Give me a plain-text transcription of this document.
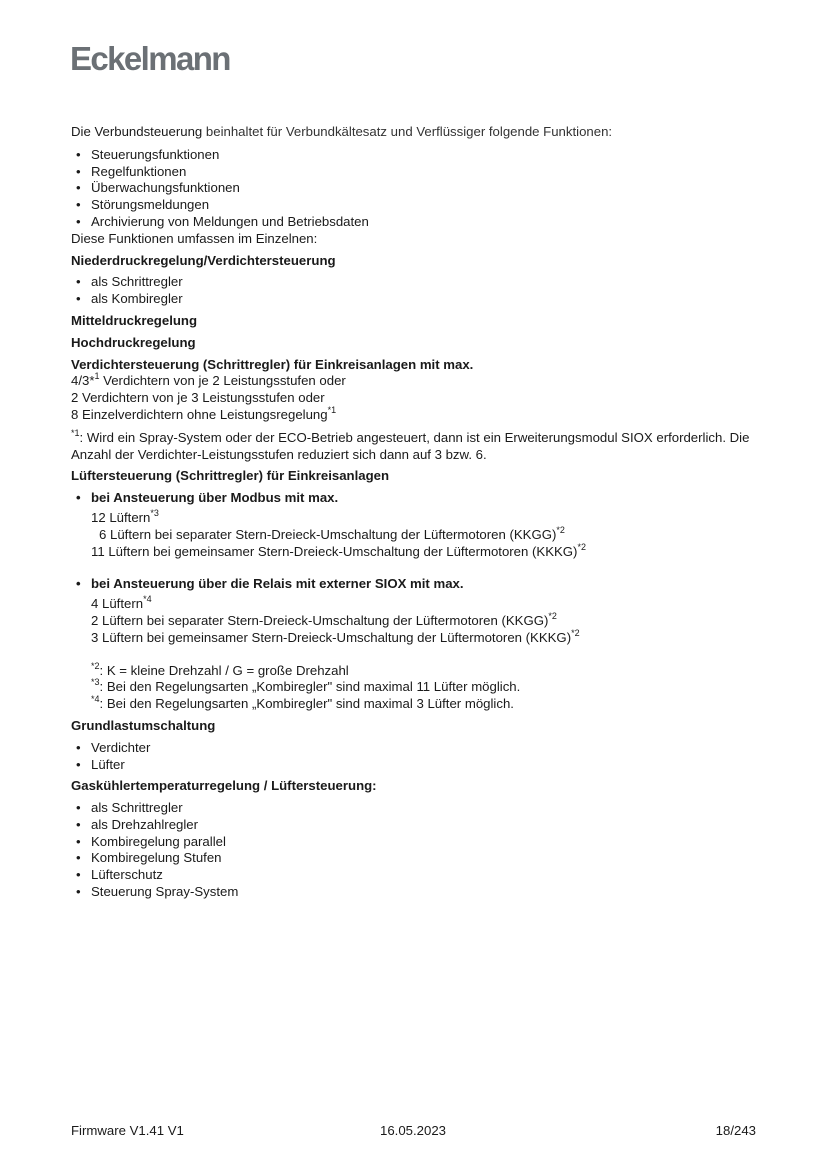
Eckelmann

Die Verbundsteuerung beinhaltet für Verbundkältesatz und Verflüssiger folgende Funktionen:

• Steuerungsfunktionen
• Regelfunktionen
• Überwachungsfunktionen
• Störungsmeldungen
• Archivierung von Meldungen und Betriebsdaten

Diese Funktionen umfassen im Einzelnen:

Niederdruckregelung/Verdichtersteuerung

• als Schrittregler
• als Kombiregler

Mitteldruckregelung

Hochdruckregelung

Verdichtersteuerung (Schrittregler) für Einkreisanlagen mit max.

4/3*$^1$ Verdichtern von je 2 Leistungsstufen oder

2 Verdichtern von je 3 Leistungsstufen oder

8 Einzelverdichtern ohne Leistungsregelung$^{*1}$

$^{*1}$: Wird ein Spray-System oder der ECO-Betrieb angesteuert, dann ist ein Erweiterungsmodul SIOX erforderlich. Die Anzahl der Verdichter-Leistungsstufen reduziert sich dann auf 3 bzw. 6.

Lüftersteuerung (Schrittregler) für Einkreisanlagen

• bei Ansteuerung über Modbus mit max.

12 Lüftern$^{*3}$

6 Lüftern bei separater Stern-Dreieck-Umschaltung der Lüftermotoren (KKGG)$^{*2}$

11 Lüftern bei gemeinsamer Stern-Dreieck-Umschaltung der Lüftermotoren (KKKG)$^{*2}$

• bei Ansteuerung über die Relais mit externer SIOX mit max.

4 Lüftern$^{*4}$

2 Lüftern bei separater Stern-Dreieck-Umschaltung der Lüftermotoren (KKGG)$^{*2}$

3 Lüftern bei gemeinsamer Stern-Dreieck-Umschaltung der Lüftermotoren (KKKG)$^{*2}$

$^{*2}$: K = kleine Drehzahl / G = große Drehzahl

$^{*3}$: Bei den Regelungsarten „Kombiregler" sind maximal 11 Lüfter möglich.

$^{*4}$: Bei den Regelungsarten „Kombiregler" sind maximal 3 Lüfter möglich.

Grundlastumschaltung

• Verdichter
• Lüfter

Gaskühlertemperaturregelung / Lüftersteuerung:

• als Schrittregler
• als Drehzahlregler
• Kombiregelung parallel
• Kombiregelung Stufen
• Lüfterschutz
• Steuerung Spray-System
Firmware V1.41 V1	16.05.2023	18/243
